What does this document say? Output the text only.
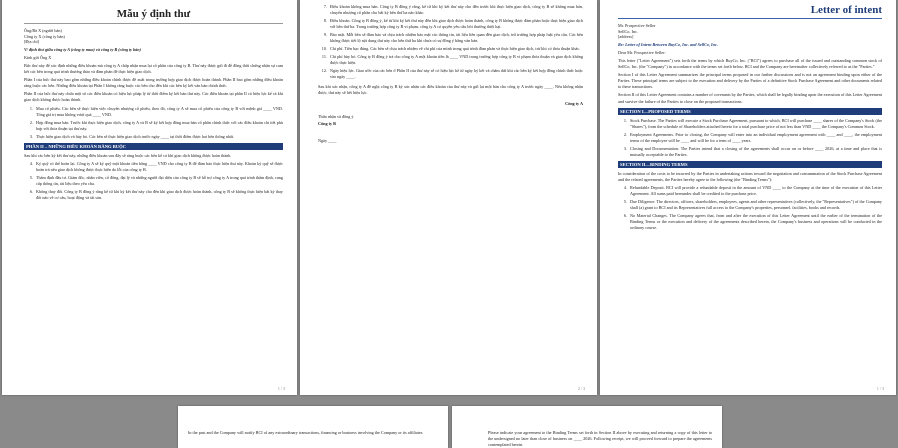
Mẫu ý định thư
Ông/Bà X (người bán)
Công ty X (công ty bán)
[Địa chỉ]

V/ định thư giữa công ty A (công ty mua) và công ty B (công ty bán)

Kính gửi Ông X

Bức thư này để xác định những điều khoản mà công ty A chấp nhận mua lại cổ phần của công ty B. Thư này được gửi đi để đồng thời chứng nhận sự cam kết các bên trong quá trình thương thảo và đàm phán để thực hiện giao dịch.

Phần I của bức thư này bao gồm những điều khoản chính được đề xuất trong trường hợp giao dịch được hoàn thành. Phần II bao gồm những điều khoản ràng buộc các bên. Những điều khoản tại Phần I không ràng buộc các bên cho đến khi các bên ký kết văn bản chính thức.

Phần II của bức thư này chứa một số các điều khoản có hiệu lực pháp lý từ thời điểm ký kết bản thư này. Các điều khoản tại phần II có hiệu lực kể cả khi giao dịch không được hoàn thành.

1. Mua cổ phiếu. Các bên sẽ thực hiện việc chuyển nhượng cổ phiếu, theo đó, công ty A sẽ mua cổ phiếu của công ty B với mệnh giá ____ VND. Tổng giá trị mua không vượt quá ____ VND.
2. Hợp đồng mua bán. Trước khi thực hiện giao dịch, công ty A và B sẽ ký kết hợp đồng mua bán cổ phần chính thức với các điều khoản chi tiết phù hợp với thỏa thuận tại thư này.
3. Thực hiện giao dịch và hủy bỏ. Các bên sẽ thực hiện giao dịch trước ngày ____ tại thời điểm được hai bên thống nhất.
PHẦN II – NHỮNG ĐIỀU KHOẢN RÀNG BUỘC

Sau khi các bên ký kết thư này, những điều khoản sau đây sẽ ràng buộc các bên kể cả khi giao dịch không được hoàn thành.

4. Ký quỹ có thể hoàn lại. Công ty A sẽ ký quỹ một khoản tiền bằng ____ VND cho công ty B để đảm bảo thực hiện thư này. Khoản ký quỹ sẽ được hoàn trả nếu giao dịch không được thực hiện do lỗi của công ty B.
5. Thẩm định đầu tư. Giám đốc, nhân viên, cổ đông, đại lý và những người đại diện của công ty B sẽ hỗ trợ công ty A trong quá trình thẩm định, cung cấp thông tin, tài liệu theo yêu cầu.
6. Không thay đổi. Công ty B đồng ý rằng kể từ khi ký kết thư này cho đến khi giao dịch được hoàn thành, công ty B sẽ không thực hiện bất kỳ thay đổi nào về cơ cấu, hoạt động và tài sản.
1 / 3
7. Điều khoản không mua bán. Công ty B đồng ý rằng, kể từ khi ký kết thư này cho đến trước khi thực hiện giao dịch, công ty B sẽ không mua bán, chuyển nhượng cổ phần cho bất kỳ bên thứ ba nào khác.
8. Điều khoản. Công ty B đồng ý, kể từ khi ký kết thư này đến khi giao dịch được hoàn thành, công ty B không được đàm phán hoặc thực hiện giao dịch với bên thứ ba. Trong trường hợp công ty B vi phạm, công ty A có quyền yêu cầu bồi thường thiệt hại.
9. Bảo mật. Mỗi bên sẽ đảm bảo và chịu trách nhiệm bảo mật các thông tin, tài liệu liên quan đến giao dịch, trừ trường hợp pháp luật yêu cầu. Các bên không được tiết lộ nội dung thư này cho bên thứ ba khi chưa có sự đồng ý bằng văn bản.
10. Chi phí. Tiền bạc đúng. Các bên sẽ chịu trách nhiệm về chi phí của mình trong quá trình đàm phán và thực hiện giao dịch, trừ khi có thỏa thuận khác.
11. Chi phí hủy bỏ. Công ty B đồng ý trả cho công ty A một khoản tiền là ____ VND trong trường hợp công ty B vi phạm thỏa thuận và giao dịch không được thực hiện.
12. Ngày hiệu lực. Giao ước của các bên ở Phần II của thư này sẽ có hiệu lực kể từ ngày ký kết và chấm dứt khi các bên ký kết hợp đồng chính thức hoặc vào ngày ____.

Sau khi xác nhận, công ty A đề nghị công ty B ký xác nhận các điều khoản của thư này và gửi lại một bản cho công ty A trước ngày ____. Nếu không nhận được, thư này sẽ hết hiệu lực.

Công ty A
Thừa nhận và đồng ý
Công ty B
Ngày ____
2 / 3
Letter of intent
Mr. Prospective Seller
SellCo, Inc.
[address]

Re: Letter of Intent Between BuyCo, Inc. and SellCo, Inc.

Dear Mr. Prospective Seller:

This letter ("Letter Agreement") sets forth the terms by which BuyCo, Inc. ("BCI") agrees to purchase all of the issued and outstanding common stock of SellCo, Inc. (the "Company") in accordance with the terms set forth below. BCI and the Company are hereinafter collectively referred to as the "Parties."

Section I of this Letter Agreement summarizes the principal terms proposed in our further discussions and is not an agreement binding upon either of the Parties. These principal terms are subject to the execution and delivery by the Parties of a definitive Stock Purchase Agreement and other documents related to these transactions.

Section II of this Letter Agreement contains a number of covenants by the Parties, which shall be legally binding upon the execution of this Letter Agreement and survive the failure of the Parties to close on the proposed transactions.

SECTION I—PROPOSED TERMS
1. Stock Purchase. The Parties will execute a Stock Purchase Agreement, pursuant to which, BCI will purchase ____ shares of the Company's Stock (the "Shares"), from the schedule of Shareholders attached hereto for a total purchase price of not less than VND ____ the Company's Common Stock.
2. Employment Agreements. Prior to closing, the Company will enter into an individual employment agreement with ____ and ____, the employment terms of the employee will be ____ and will be for a term of ____ years.
3. Closing and Documentation. The Parties intend that a closing of the agreements shall occur on or before ____ 2026, at a time and place that is mutually acceptable to the Parties.
SECTION II—BINDING TERMS

In consideration of the costs to be incurred by the Parties in undertaking actions toward the negotiation and consummation of the Stock Purchase Agreement and the related agreements, the Parties hereby agree to the following (the "Binding Terms"):

4. Refundable Deposit. BCI will provide a refundable deposit in the amount of VND ____ to the Company at the time of the execution of this Letter Agreement. All sums paid hereunder shall be credited to the purchase price.
5. Due Diligence. The directors, officers, shareholders, employees, agents and other representatives (collectively, the "Representatives") of the Company shall (a) grant to BCI and its Representatives full access to the Company's properties, personnel, facilities, books and records.
6. No Material Changes. The Company agrees that, from and after the execution of this Letter Agreement until the earlier of the termination of the Binding Terms or the execution and delivery of the agreements described herein, the Company's business and operations will be conducted in the ordinary course.
1 / 3

In the past and the Company will notify BCI of any extraordinary transactions, financing or business involving the Company or its affiliates.	Please indicate your agreement to the Binding Terms set forth in Section II above by executing and returning a copy of this letter to the undersigned no later than close of business on ____ 2026. Following receipt, we will proceed forward to prepare the agreements contemplated herein.
